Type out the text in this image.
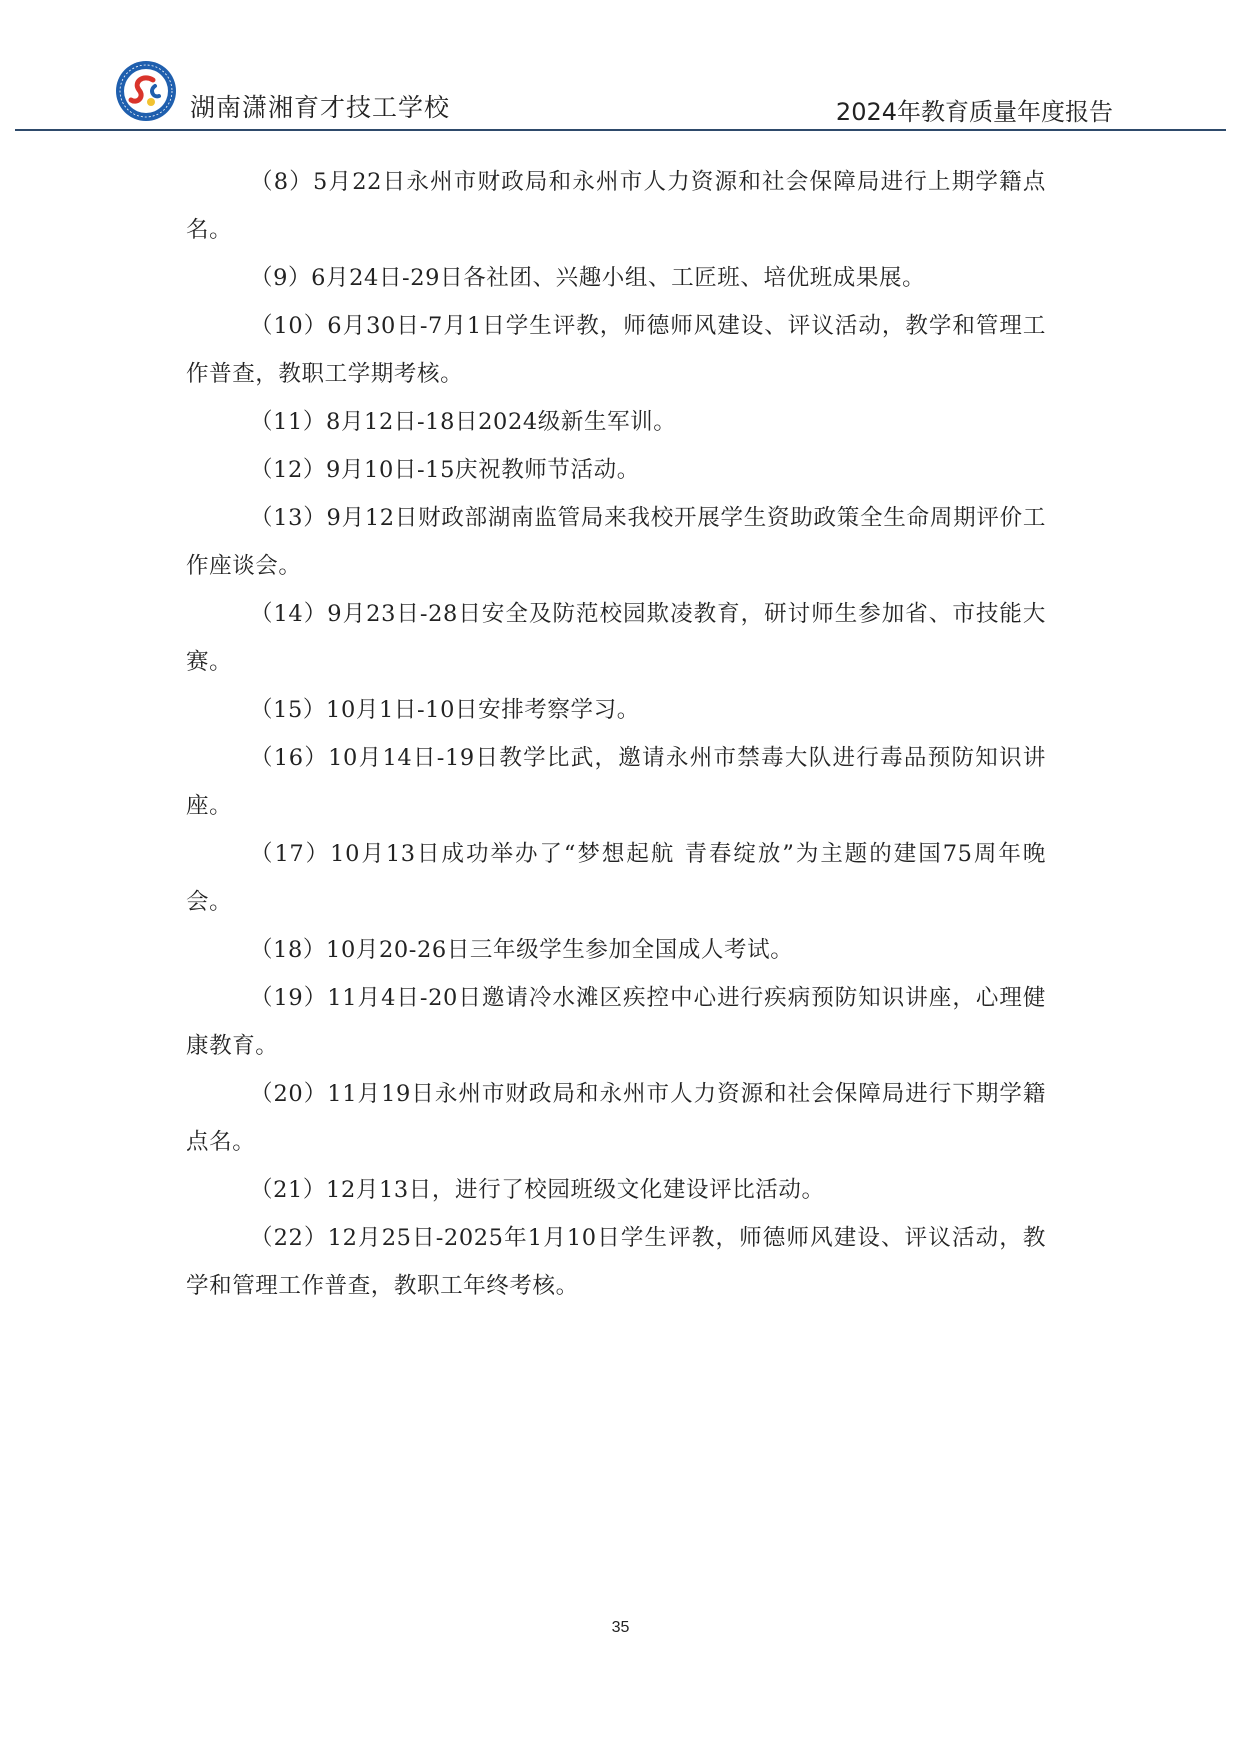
湖南潇湘育才技工学校	2024年教育质量年度报告

（8）5月22日永州市财政局和永州市人力资源和社会保障局进行上期学籍点名。

（9）6月24日-29日各社团、兴趣小组、工匠班、培优班成果展。

（10）6月30日-7月1日学生评教，师德师风建设、评议活动，教学和管理工作普查，教职工学期考核。

（11）8月12日-18日2024级新生军训。

（12）9月10日-15庆祝教师节活动。

（13）9月12日财政部湖南监管局来我校开展学生资助政策全生命周期评价工作座谈会。

（14）9月23日-28日安全及防范校园欺凌教育，研讨师生参加省、市技能大赛。

（15）10月1日-10日安排考察学习。

（16）10月14日-19日教学比武，邀请永州市禁毒大队进行毒品预防知识讲座。

（17）10月13日成功举办了“梦想起航 青春绽放”为主题的建国75周年晚会。

（18）10月20-26日三年级学生参加全国成人考试。

（19）11月4日-20日邀请冷水滩区疾控中心进行疾病预防知识讲座，心理健康教育。

（20）11月19日永州市财政局和永州市人力资源和社会保障局进行下期学籍点名。

（21）12月13日，进行了校园班级文化建设评比活动。

（22）12月25日-2025年1月10日学生评教，师德师风建设、评议活动，教学和管理工作普查，教职工年终考核。

35
